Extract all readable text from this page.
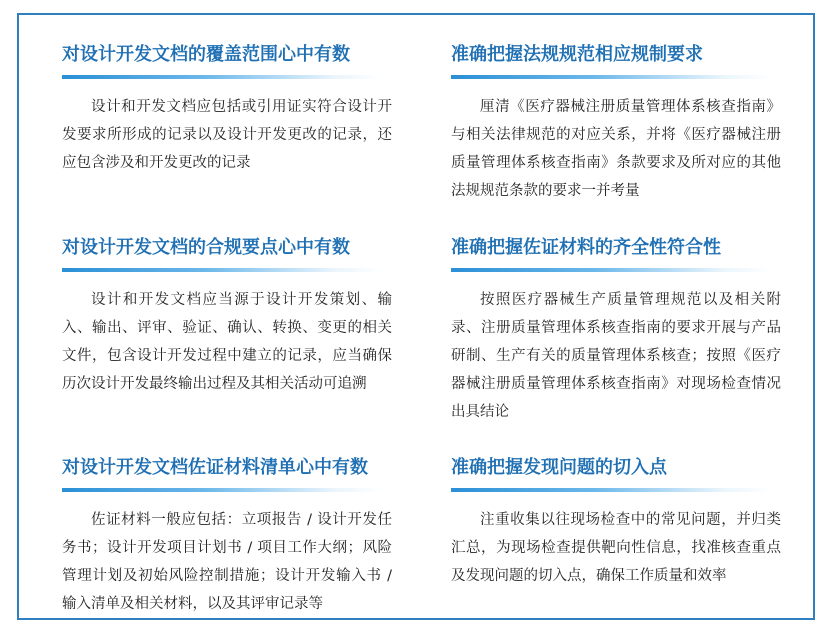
对设计开发文档的覆盖范围心中有数

设计和开发文档应包括或引用证实符合设计开发要求所形成的记录以及设计开发更改的记录，还应包含涉及和开发更改的记录

对设计开发文档的合规要点心中有数

设计和开发文档应当源于设计开发策划、输入、输出、评审、验证、确认、转换、变更的相关文件，包含设计开发过程中建立的记录，应当确保历次设计开发最终输出过程及其相关活动可追溯

对设计开发文档佐证材料清单心中有数

佐证材料一般应包括：立项报告 / 设计开发任务书；设计开发项目计划书 / 项目工作大纲；风险管理计划及初始风险控制措施；设计开发输入书 / 输入清单及相关材料，以及其评审记录等

准确把握法规规范相应规制要求

厘清《医疗器械注册质量管理体系核查指南》与相关法律规范的对应关系，并将《医疗器械注册质量管理体系核查指南》条款要求及所对应的其他法规规范条款的要求一并考量

准确把握佐证材料的齐全性符合性

按照医疗器械生产质量管理规范以及相关附录、注册质量管理体系核查指南的要求开展与产品研制、生产有关的质量管理体系核查；按照《医疗器械注册质量管理体系核查指南》对现场检查情况出具结论

准确把握发现问题的切入点

注重收集以往现场检查中的常见问题，并归类汇总，为现场检查提供靶向性信息，找准核查重点及发现问题的切入点，确保工作质量和效率
